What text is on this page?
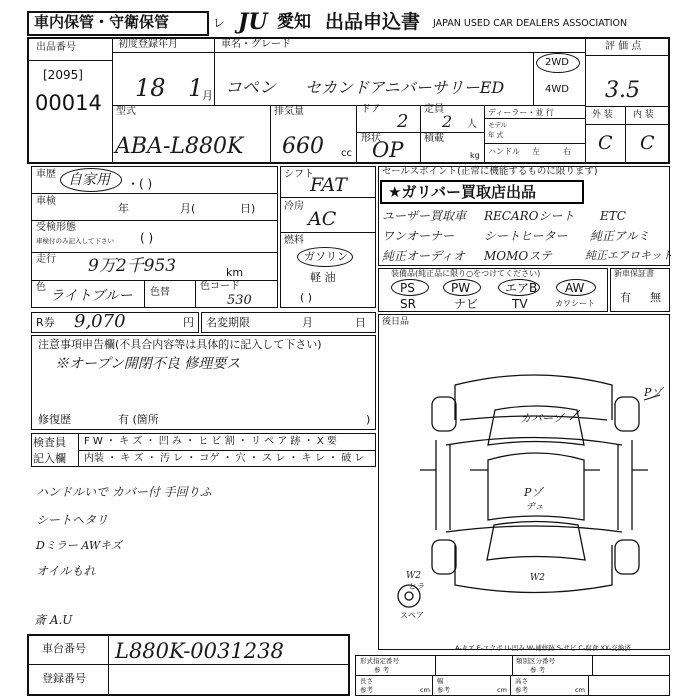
車内保管・守衛保管	レ JU 愛知 出品申込書 JAPAN USED CAR DEALERS ASSOCIATION
出品番号
[2095]
00014
初度登録年月
18 1
月
車名・グレード
コペン セカンドアニバーサリーED
2WD
4WD
評 価 点
3.5
外 装 内 装
C C
型式
ABA-L880K
排気量
660 cc
ドア
2
形状
OP
定員
2 人
積載
kg
ディーラー・並 行
モデル
年 式
ハンドル 左	右
車歴 自家用 ・( )
車検
年	月(	日)
受検形態
車検付のみ記入して下さい ( )
走行 9万2千953	km
色
ライトブルー 色替
色コード
530
シフト
FAT
冷房
AC
燃料
ガソリン
軽 油
( )
セールスポイント(正常に機能するものに限ります)
★ガリバー買取店出品
ユーザー買取車 RECAROシート ETC
ワンオーナー シートヒーター 純正アルミ
純正オーディオ MOMOステ	純正エアロキット
装備品(純正品に限り○をつけてください)
PS	PW	エアB AW
SR	ナビ	TV	カワシート
新車保証書
有 無
R券 9,070	円 名変期限	月	日
注意事項申告欄(不具合内容等は具体的に記入して下さい)
※オープン開閉不良 修理要ス
修復歴	有 (箇所	)
後日品
Pゾ
カバーゾ
Pゾ
ヂュ
W2	W2
ヒラ
スペア
A-キズ E-エクボ U-凹み W-補修跡 S-サビ C-腐食 XX-交換済
検査員
記入欄
F W ・ キ ズ ・ 凹 み ・ ヒ ビ 割 ・ リ ペ ア 跡 ・ X 要
内装 ・ キ ズ ・ 汚 レ ・ コゲ ・ 穴 ・ ス レ ・ キ レ ・ 破 レ
ハンドルいで カバー付 手回りふ
シートヘタリ
Dミラー AWキズ
オイルもれ
斎 A.U
車台番号 L880K-0031238
登録番号
形式指定番号
参 考
類別区分番号
参 考
長さ
参考	cm
幅
参考	cm
高さ
参考	cm
